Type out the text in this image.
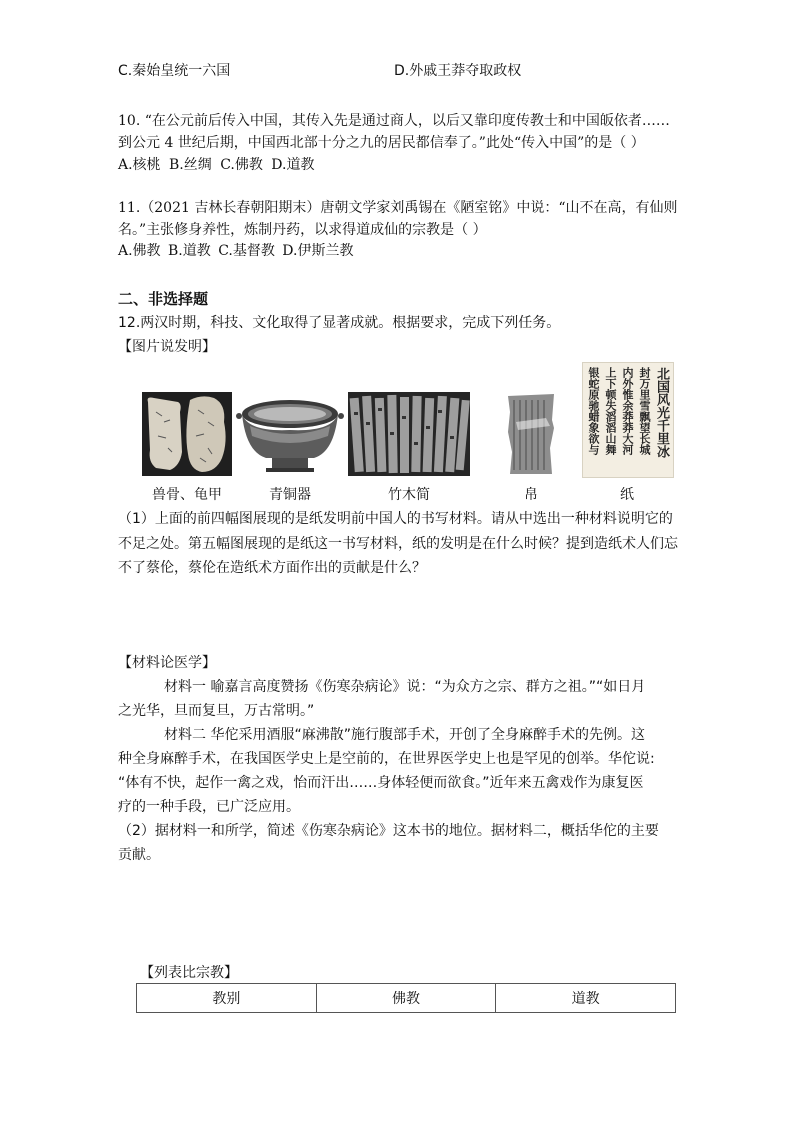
C.秦始皇统一六国	D.外戚王莽夺取政权
10. “在公元前后传入中国，其传入先是通过商人，以后又靠印度传教士和中国皈依者……
到公元 4 世纪后期，中国西北部十分之九的居民都信奉了。”此处“传入中国”的是（ ）
A.核桃 B.丝绸 C.佛教 D.道教
11.（2021 吉林长春朝阳期末）唐朝文学家刘禹锡在《陋室铭》中说：“山不在高，有仙则
名。”主张修身养性，炼制丹药，以求得道成仙的宗教是（ ）
A.佛教 B.道教 C.基督教 D.伊斯兰教
二、非选择题
12.两汉时期，科技、文化取得了显著成就。根据要求，完成下列任务。
【图片说发明】
北国风光千里冰
封万里雪飘望长城
内外惟余莽莽大河
上下顿失滔滔山舞
银蛇原驰蜡象欲与
兽骨、龟甲	青铜器	竹木简	帛	纸
（1）上面的前四幅图展现的是纸发明前中国人的书写材料。请从中选出一种材料说明它的
不足之处。第五幅图展现的是纸这一书写材料，纸的发明是在什么时候？提到造纸术人们忘
不了蔡伦，蔡伦在造纸术方面作出的贡献是什么？
【材料论医学】
材料一 喻嘉言高度赞扬《伤寒杂病论》说：“为众方之宗、群方之祖。”“如日月
之光华，旦而复旦，万古常明。”
材料二 华佗采用酒服“麻沸散”施行腹部手术，开创了全身麻醉手术的先例。这
种全身麻醉手术，在我国医学史上是空前的，在世界医学史上也是罕见的创举。华佗说:
“体有不快，起作一禽之戏，怡而汗出……身体轻便而欲食。”近年来五禽戏作为康复医
疗的一种手段，已广泛应用。
（2）据材料一和所学，简述《伤寒杂病论》这本书的地位。据材料二，概括华佗的主要
贡献。
【列表比宗教】
教别	佛教	道教
